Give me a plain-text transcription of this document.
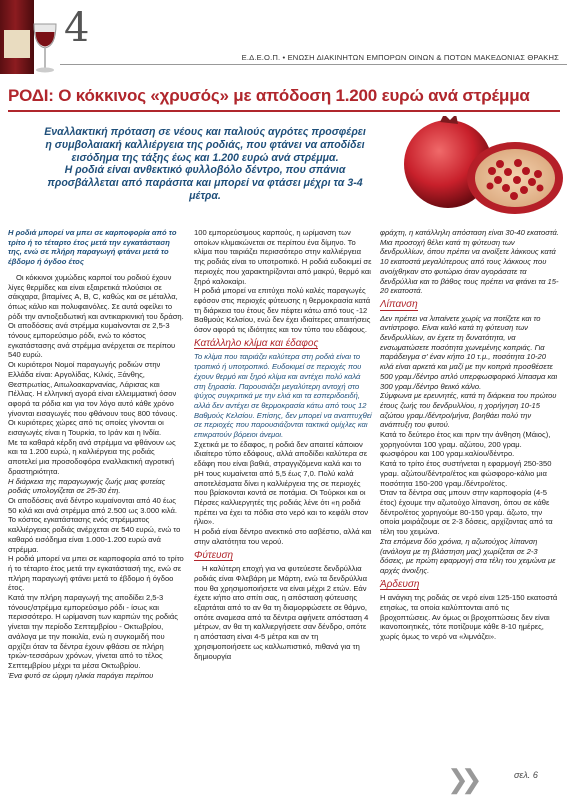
4
Ε.Δ.Ε.Ο.Π. • ΕΝΩΣΗ ΔΙΑΚΙΝΗΤΩΝ ΕΜΠΟΡΩΝ ΟΙΝΩΝ & ΠΟΤΩΝ ΜΑΚΕΔΟΝΙΑΣ ΘΡΑΚΗΣ
ΡΟΔΙ: Ο κόκκινος «χρυσός» με απόδοση 1.200 ευρώ ανά στρέμμα

Εναλλακτική πρόταση σε νέους και παλιούς αγρότες προσφέρει η συμβολαιακή καλλιέργεια της ροδιάς, που φτάνει να αποδίδει εισόδημα της τάξης έως και 1.200 ευρώ ανά στρέμμα.

Η ροδιά είναι ανθεκτικό φυλλοβόλο δέντρο, που σπάνια προσβάλλεται από παράσιτα και μπορεί να φτάσει μέχρι τα 3-4 μέτρα.

Η ροδιά μπορεί να μπει σε καρποφορία από το τρίτο ή το τέταρτο έτος μετά την εγκατάσταση της, ενώ σε πλήρη παραγωγή φτάνει μετά το έβδομο ή όγδοο έτος

Οι κόκκινοι χυμώδεις καρποί του ροδιού έχουν λίγες θερμίδες και είναι εξαιρετικά πλούσιοι σε σάκχαρα, βιταμίνες A, B, C, καθώς και σε μέταλλα, όπως κάλιο και πολυφαινόλες. Σε αυτά οφείλει το ρόδι την αντιοξειδωτική και αντικαρκινική του δράση.

Οι αποδόσεις ανά στρέμμα κυμαίνονται σε 2,5-3 τόνους εμπορεύσιμο ρόδι, ενώ το κόστος εγκατάστασης ανά στρέμμα ανέρχεται σε περίπου 540 ευρώ.

Οι κυριότεροι Νομοί παραγωγής ροδιών στην Ελλάδα είναι: Αργολίδας, Κιλκίς, Ξάνθης, Θεσπρωτίας, Αιτωλοακαρνανίας, Λάρισας και Πέλλας. Η ελληνική αγορά είναι ελλειμματική όσον αφορά τα ρόδια και για τον λόγο αυτό κάθε χρόνο γίνονται εισαγωγές που φθάνουν τους 800 τόνους. Οι κυριότερες χώρες από τις οποίες γίνονται οι εισαγωγές είναι η Τουρκία, το Ιράν και η Ινδία.

Με τα καθαρά κέρδη ανά στρέμμα να φθάνουν ως και τα 1.200 ευρώ, η καλλιέργεια της ροδιάς αποτελεί μια προσοδοφόρα εναλλακτική αγροτική δραστηριότητα.

Η διάρκεια της παραγωγικής ζωής μιας φυτείας ροδιάς υπολογίζεται σε 25-30 έτη.

Οι αποδόσεις ανά δέντρο κυμαίνονται από 40 έως 50 κιλά και ανά στρέμμα από 2.500 ως 3.000 κιλά.

Το κόστος εγκατάστασης ενός στρέμματος καλλιέργειας ροδιάς ανέρχεται σε 540 ευρώ, ενώ το καθαρό εισόδημα είναι 1.000-1.200 ευρώ ανά στρέμμα.

Η ροδιά μπορεί να μπει σε καρποφορία από το τρίτο ή το τέταρτο έτος μετά την εγκατάστασή της, ενώ σε πλήρη παραγωγή φτάνει μετά το έβδομο ή όγδοο έτος.

Κατά την πλήρη παραγωγή της αποδίδει 2,5-3 τόνους/στρέμμα εμπορεύσιμο ρόδι - ίσως και περισσότερο. Η ωρίμανση των καρπών της ροδιάς γίνεται την περίοδο Σεπτεμβρίου - Οκτωβρίου, ανάλογα με την ποικιλία, ενώ η συγκομιδή που αρχίζει όταν τα δέντρα έχουν φθάσει σε πλήρη τριών-τεσσάρων χρόνων, γίνεται από το τέλος Σεπτεμβρίου μέχρι τα μέσα Οκτωβρίου.

Ένα φυτό σε ώριμη ηλικία παράγει περίπου

100 εμπορεύσιμους καρπούς, η ωρίμανση των οποίων κλιμακώνεται σε περίπου ένα δίμηνο. Το κλίμα που ταιριάζει περισσότερο στην καλλιέργεια της ροδιάς είναι το υποτροπικό. Η ροδιά ευδοκιμεί σε περιοχές που χαρακτηρίζονται από μακρύ, θερμό και ξηρό καλοκαίρι.

Η ροδιά μπορεί να επιτύχει πολύ καλές παραγωγές εφόσον στις περιοχές φύτευσης η θερμοκρασία κατά τη διάρκεια του έτους δεν πέφτει κάτω από τους -12 Βαθμούς Κελσίου, ενώ δεν έχει ιδιαίτερες απαιτήσεις όσον αφορά τις ιδιότητες και τον τύπο του εδάφους.

Κατάλληλο κλίμα και έδαφος

Το κλίμα που ταιριάζει καλύτερα στη ροδιά είναι το τροπικό ή υποτροπικό. Ευδοκιμεί σε περιοχές που έχουν θερμό και ξηρό κλίμα και αντέχει πολύ καλά στη ξηρασία. Παρουσιάζει μεγαλύτερη αντοχή στο ψύχος συγκριτικά με την ελιά και τα εσπεριδοειδή, αλλά δεν αντέχει σε θερμοκρασία κάτω από τους 12 Βαθμούς Κελσίου. Επίσης, δεν μπορεί να αναπτυχθεί σε περιοχές που παρουσιάζονται τακτικά ομίχλες και επικρατούν βόρειοι άνεμοι.

Σχετικά με το έδαφος, η ροδιά δεν απαιτεί κάποιον ιδιαίτερο τύπο εδάφους, αλλά αποδίδει καλύτερα σε εδάφη που είναι βαθιά, στραγγιζόμενα καλά και το pH τους κυμαίνεται από 5,5 έως 7,0. Πολύ καλά αποτελέσματα δίνει η καλλιέργεια της σε περιοχές που βρίσκονται κοντά σε ποτάμια. Οι Τούρκοι και οι Πέρσες καλλιεργητές της ροδιάς λένε ότι «η ροδιά πρέπει να έχει τα πόδια στο νερό και το κεφάλι στον ήλιο».

Η ροδιά είναι δέντρο ανεκτικό στο ασβέστιο, αλλά και στην αλατότητα του νερού.

Φύτευση

Η καλύτερη εποχή για να φυτεύεστε δενδρύλλια ροδιάς είναι Φλεβάρη με Μάρτη, ενώ τα δενδρύλλια που θα χρησιμοποιήσετε να είναι μέχρι 2 ετών. Εάν έχετε κήπο ατο σπίτι σας, η απόσταση φύτευσης εξαρτάται από το αν θα τη διαμορφώσετε σε θάμνο, οπότε αναμεσα από τα δέντρα αφήνετε απόσταση 4 μέτρων, αν θα τη καλλιεργήσετε σαν δένδρο, οπότε η απόσταση είναι 4-5 μέτρα και αν τη χρησιμοποιήσετε ως καλλωπιστικό, πιθανά για τη δημιουργία

φράχτη, η κατάλληλη απόσταση είναι 30-40 εκατοστά.

Μια προσοχή θέλει κατά τη φύτευση των δενδρυλλίων, όπου πρέπει να ανοίξετε λάκκους κατά 10 εκατοστά μεγαλύτερους από τους λάκκους που ανοίχθηκαν στο φυτώριο όταν αγοράσατε τα δενδρύλλια και το βάθος τους πρέπει να φτάνει τα 15-20 εκατοστά.

Λίπανση

Δεν πρέπει να λιπαίνετε χωρίς να ποτίζετε και το αντίστροφο. Είναι καλό κατά τη φύτευση των δενδρυλλίων, αν έχετε τη δυνατότητα, να ενσωματώσετε ποσότητα χωνεμένης κοπριάς. Για παράδειγμα σ' έναν κήπο 10 τ.μ., ποσότητα 10-20 κιλά είναι αρκετά και μαζί με την κοπριά προσθέσετε 500 γραμ./δέντρο απλό υπερφωσφορικό λίπασμα και 300 γραμ./δέντρο θειικό κάλιο.

Σύμφωνα με ερευνητές, κατά τη διάρκεια του πρώτου έτους ζωής του δενδρυλλίου, η χορήγηση 10-15 αζώτου γραμ./δέντρο/μήνα, βοηθάει πολύ την ανάπτυξη του φυτού.

Κατά το δεύτερο έτος και πριν την άνθηση (Μάιος), χορηγούνται 100 γραμ. αζώτου, 200 γραμ. φωσφόρου και 100 γραμ.καλίου/δέντρο.

Κατά το τρίτο έτος συστήνεται η εφαρμογή 250-350 γραμ. αζώτου/δέντρο/έτος και φώσφορο-κάλιο μια ποσότητα 150-200 γραμ./δέντρο/έτος.

Όταν τα δέντρα σας μπουν στην καρποφορία (4-5 έτος) έχουμε την αζωτούχο λίπανση, όπου σε κάθε δέντρο/έτος χορηγούμε 80-150 γραμ. άζωτο, την οποία μοιράζουμε σε 2-3 δόσεις, αρχίζοντας από τα τέλη του χειμώνα.

Στα επόμενα δύο χρόνια, η αζωτούχος λίπανση (ανάλογα με τη βλάστηση μας) χωρίζεται σε 2-3 δόσεις, με πρώτη εφαρμογή στα τέλη του χειμώνα με αρχές άνοιξης.

Άρδευση

Η ανάγκη της ροδιάς σε νερό είναι 125-150 εκατοστά ετησίως, τα οποία καλύπτονται από τις βροχοπτώσεις. Αν όμως οι βροχοπτώσεις δεν είναι ικανοποιητικές, τότε ποτίζουμε κάθε 8-10 ημέρες, χωρίς όμως το νερό να «λιμνάζει».

❯❯	σελ. 6
